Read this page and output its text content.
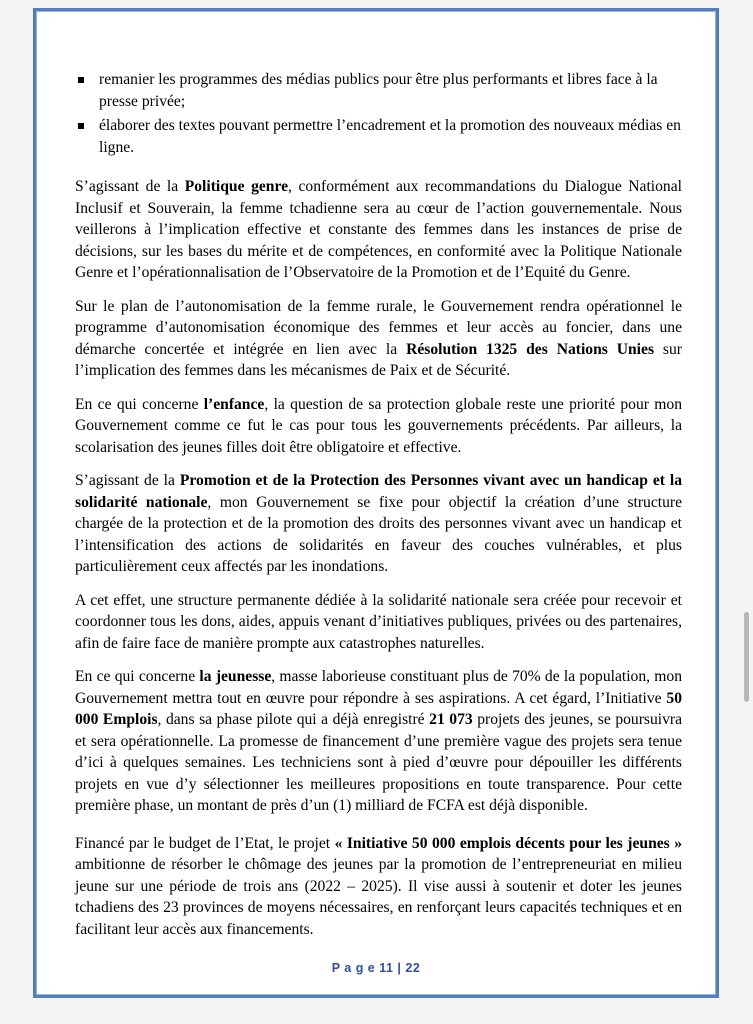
remanier les programmes des médias publics pour être plus performants et libres face à la presse privée;
élaborer des textes pouvant permettre l’encadrement et la promotion des nouveaux médias en ligne.

S’agissant de la Politique genre, conformément aux recommandations du Dialogue National Inclusif et Souverain, la femme tchadienne sera au cœur de l’action gouvernementale. Nous veillerons à l’implication effective et constante des femmes dans les instances de prise de décisions, sur les bases du mérite et de compétences, en conformité avec la Politique Nationale Genre et l’opérationnalisation de l’Observatoire de la Promotion et de l’Equité du Genre.

Sur le plan de l’autonomisation de la femme rurale, le Gouvernement rendra opérationnel le programme d’autonomisation économique des femmes et leur accès au foncier, dans une démarche concertée et intégrée en lien avec la Résolution 1325 des Nations Unies sur l’implication des femmes dans les mécanismes de Paix et de Sécurité.

En ce qui concerne l’enfance, la question de sa protection globale reste une priorité pour mon Gouvernement comme ce fut le cas pour tous les gouvernements précédents. Par ailleurs, la scolarisation des jeunes filles doit être obligatoire et effective.

S’agissant de la Promotion et de la Protection des Personnes vivant avec un handicap et la solidarité nationale, mon Gouvernement se fixe pour objectif la création d’une structure chargée de la protection et de la promotion des droits des personnes vivant avec un handicap et l’intensification des actions de solidarités en faveur des couches vulnérables, et plus particulièrement ceux affectés par les inondations.

A cet effet, une structure permanente dédiée à la solidarité nationale sera créée pour recevoir et coordonner tous les dons, aides, appuis venant d’initiatives publiques, privées ou des partenaires, afin de faire face de manière prompte aux catastrophes naturelles.

En ce qui concerne la jeunesse, masse laborieuse constituant plus de 70% de la population, mon Gouvernement mettra tout en œuvre pour répondre à ses aspirations. A cet égard, l’Initiative 50 000 Emplois, dans sa phase pilote qui a déjà enregistré 21 073 projets des jeunes, se poursuivra et sera opérationnelle. La promesse de financement d’une première vague des projets sera tenue d’ici à quelques semaines. Les techniciens sont à pied d’œuvre pour dépouiller les différents projets en vue d’y sélectionner les meilleures propositions en toute transparence. Pour cette première phase, un montant de près d’un (1) milliard de FCFA est déjà disponible.

Financé par le budget de l’Etat, le projet « Initiative 50 000 emplois décents pour les jeunes » ambitionne de résorber le chômage des jeunes par la promotion de l’entrepreneuriat en milieu jeune sur une période de trois ans (2022 – 2025). Il vise aussi à soutenir et doter les jeunes tchadiens des 23 provinces de moyens nécessaires, en renforçant leurs capacités techniques et en facilitant leur accès aux financements.

P a g e 11 | 22
